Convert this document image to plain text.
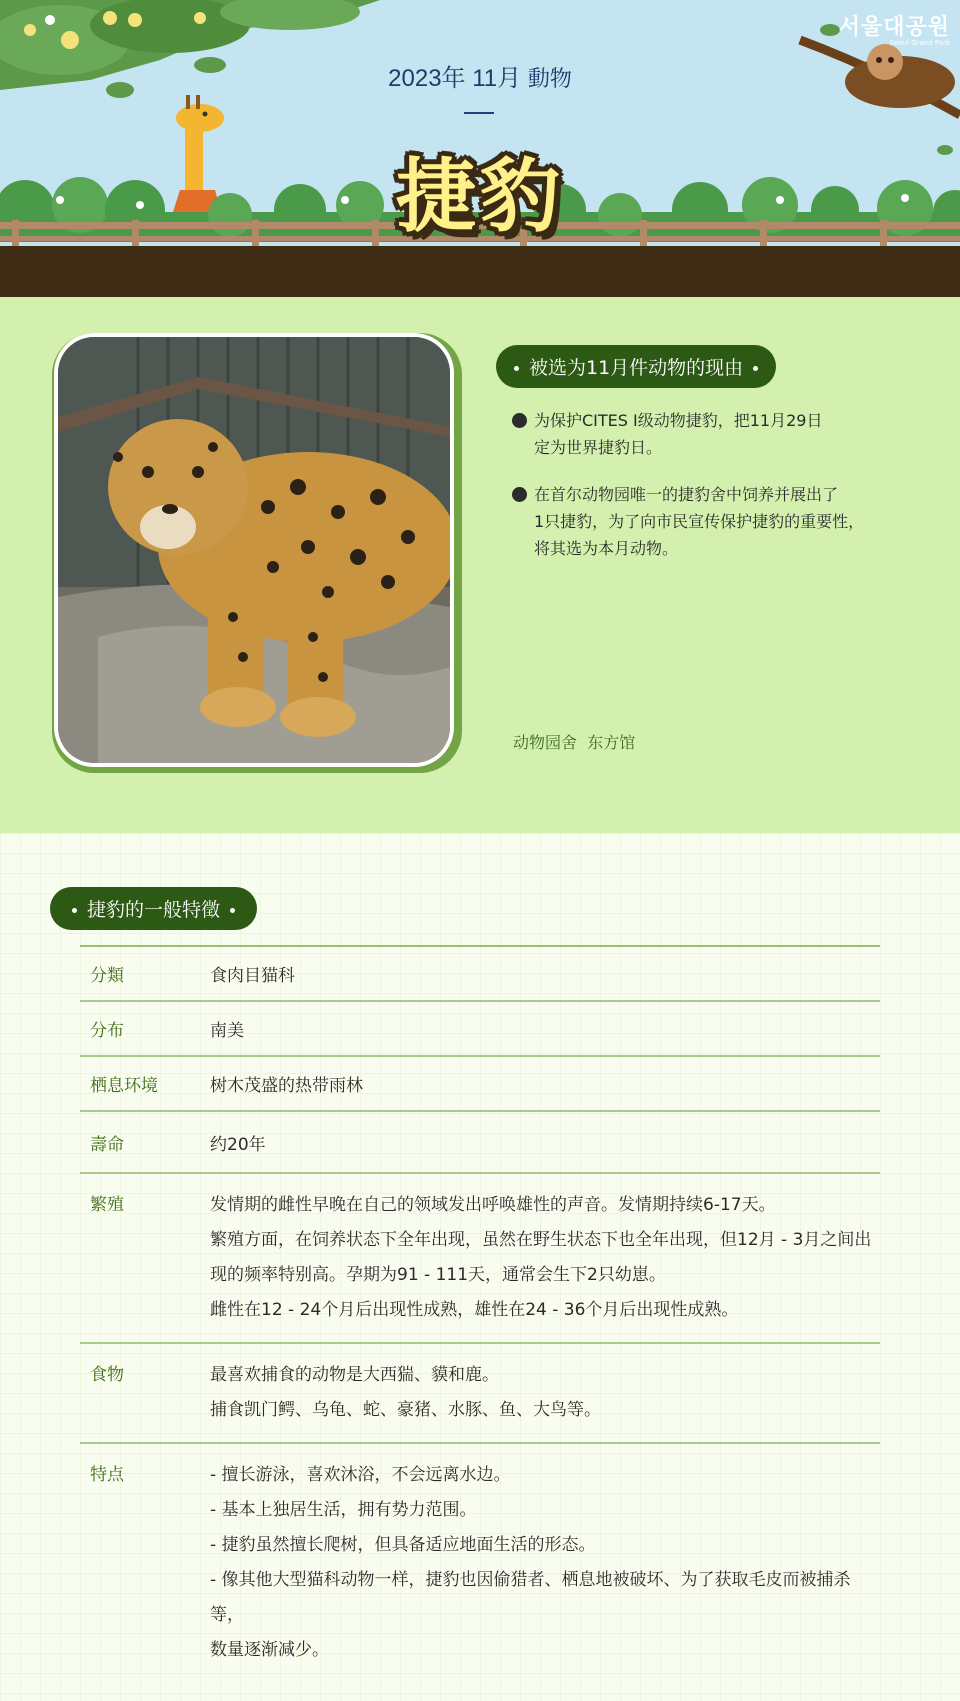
2023年 11月 動物
捷豹
서울대공원
Seoul Grand Park
被选为11月件动物的现由
为保护CITES I级动物捷豹，把11月29日
定为世界捷豹日。
在首尔动物园唯一的捷豹舍中饲养并展出了
1只捷豹，为了向市民宣传保护捷豹的重要性，
将其选为本月动物。
动物园舍 东方馆
捷豹的一般特徵
分類	食肉目猫科
分布	南美
栖息环境	树木茂盛的热带雨林
壽命	约20年
繁殖	发情期的雌性早晚在自己的领域发出呼唤雄性的声音。发情期持续6-17天。
繁殖方面，在饲养状态下全年出现，虽然在野生状态下也全年出现，但12月 - 3月之间出
现的频率特别高。孕期为91 - 111天，通常会生下2只幼崽。
雌性在12 - 24个月后出现性成熟，雄性在24 - 36个月后出现性成熟。
食物	最喜欢捕食的动物是大西猯、貘和鹿。
捕食凯门鳄、乌龟、蛇、豪猪、水豚、鱼、大鸟等。
特点	- 擅长游泳，喜欢沐浴，不会远离水边。
- 基本上独居生活，拥有势力范围。
- 捷豹虽然擅长爬树，但具备适应地面生活的形态。
- 像其他大型猫科动物一样，捷豹也因偷猎者、栖息地被破坏、为了获取毛皮而被捕杀等，
数量逐渐减少。
